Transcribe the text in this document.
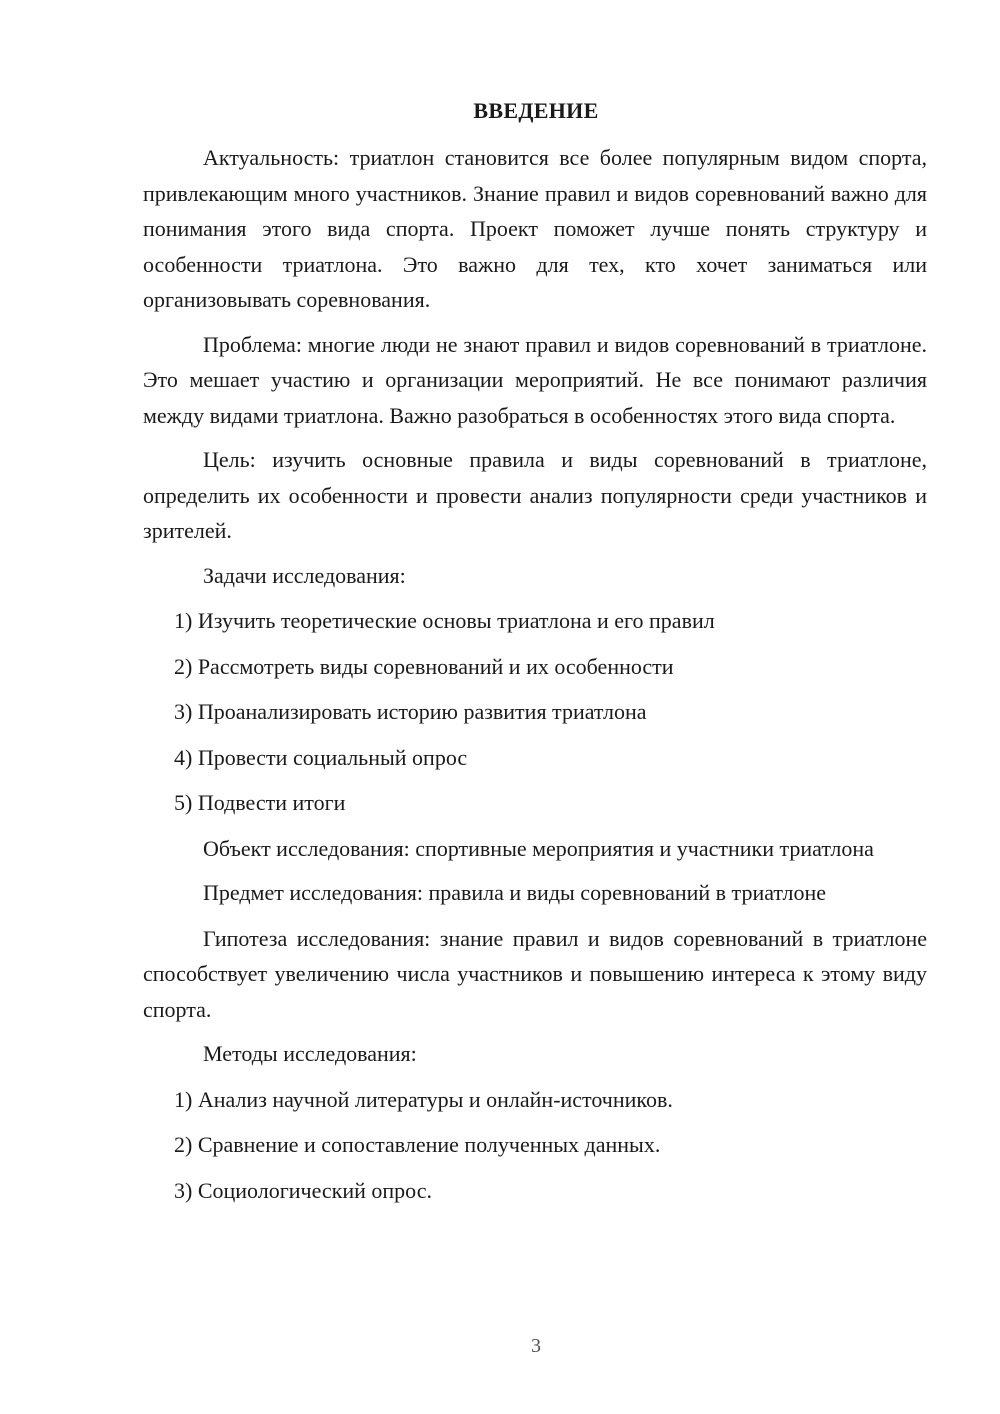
ВВЕДЕНИЕ

Актуальность: триатлон становится все более популярным видом спорта, привлекающим много участников. Знание правил и видов соревнований важно для понимания этого вида спорта. Проект поможет лучше понять структуру и особенности триатлона. Это важно для тех, кто хочет заниматься или организовывать соревнования.

Проблема: многие люди не знают правил и видов соревнований в триатлоне. Это мешает участию и организации мероприятий. Не все понимают различия между видами триатлона. Важно разобраться в особенностях этого вида спорта.

Цель: изучить основные правила и виды соревнований в триатлоне, определить их особенности и провести анализ популярности среди участников и зрителей.

Задачи исследования:

1) Изучить теоретические основы триатлона и его правил
2) Рассмотреть виды соревнований и их особенности
3) Проанализировать историю развития триатлона
4) Провести социальный опрос
5) Подвести итоги

Объект исследования: спортивные мероприятия и участники триатлона

Предмет исследования: правила и виды соревнований в триатлоне

Гипотеза исследования: знание правил и видов соревнований в триатлоне способствует увеличению числа участников и повышению интереса к этому виду спорта.

Методы исследования:

1) Анализ научной литературы и онлайн-источников.
2) Сравнение и сопоставление полученных данных.
3) Социологический опрос.
3
